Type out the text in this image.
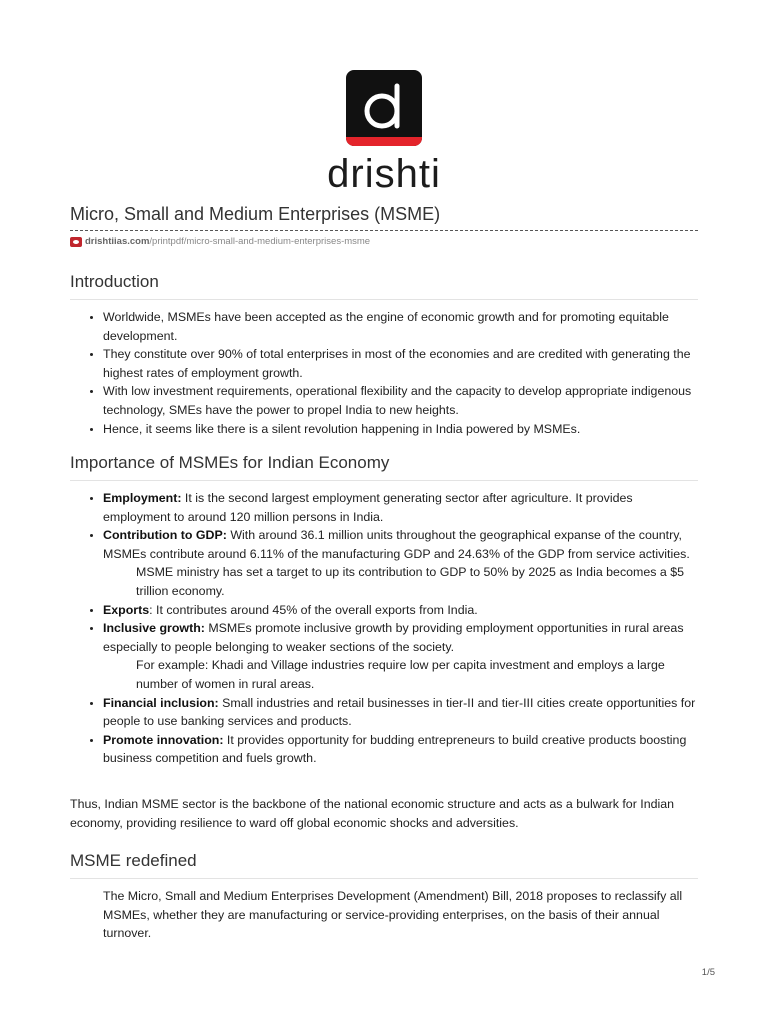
drishti
Micro, Small and Medium Enterprises (MSME)
drishtiias.com /printpdf/micro-small-and-medium-enterprises-msme
Introduction
• Worldwide, MSMEs have been accepted as the engine of economic growth and for promoting equitable development.
• They constitute over 90% of total enterprises in most of the economies and are credited with generating the highest rates of employment growth.
• With low investment requirements, operational flexibility and the capacity to develop appropriate indigenous technology, SMEs have the power to propel India to new heights.
• Hence, it seems like there is a silent revolution happening in India powered by MSMEs.
Importance of MSMEs for Indian Economy
• Employment: It is the second largest employment generating sector after agriculture. It provides employment to around 120 million persons in India.
• Contribution to GDP: With around 36.1 million units throughout the geographical expanse of the country, MSMEs contribute around 6.11% of the manufacturing GDP and 24.63% of the GDP from service activities.
MSME ministry has set a target to up its contribution to GDP to 50% by 2025 as India becomes a $5 trillion economy.
• Exports: It contributes around 45% of the overall exports from India.
• Inclusive growth: MSMEs promote inclusive growth by providing employment opportunities in rural areas especially to people belonging to weaker sections of the society.
For example: Khadi and Village industries require low per capita investment and employs a large number of women in rural areas.
• Financial inclusion: Small industries and retail businesses in tier-II and tier-III cities create opportunities for people to use banking services and products.
• Promote innovation: It provides opportunity for budding entrepreneurs to build creative products boosting business competition and fuels growth.

Thus, Indian MSME sector is the backbone of the national economic structure and acts as a bulwark for Indian economy, providing resilience to ward off global economic shocks and adversities.

MSME redefined

The Micro, Small and Medium Enterprises Development (Amendment) Bill, 2018 proposes to reclassify all MSMEs, whether they are manufacturing or service-providing enterprises, on the basis of their annual turnover.

1/5
